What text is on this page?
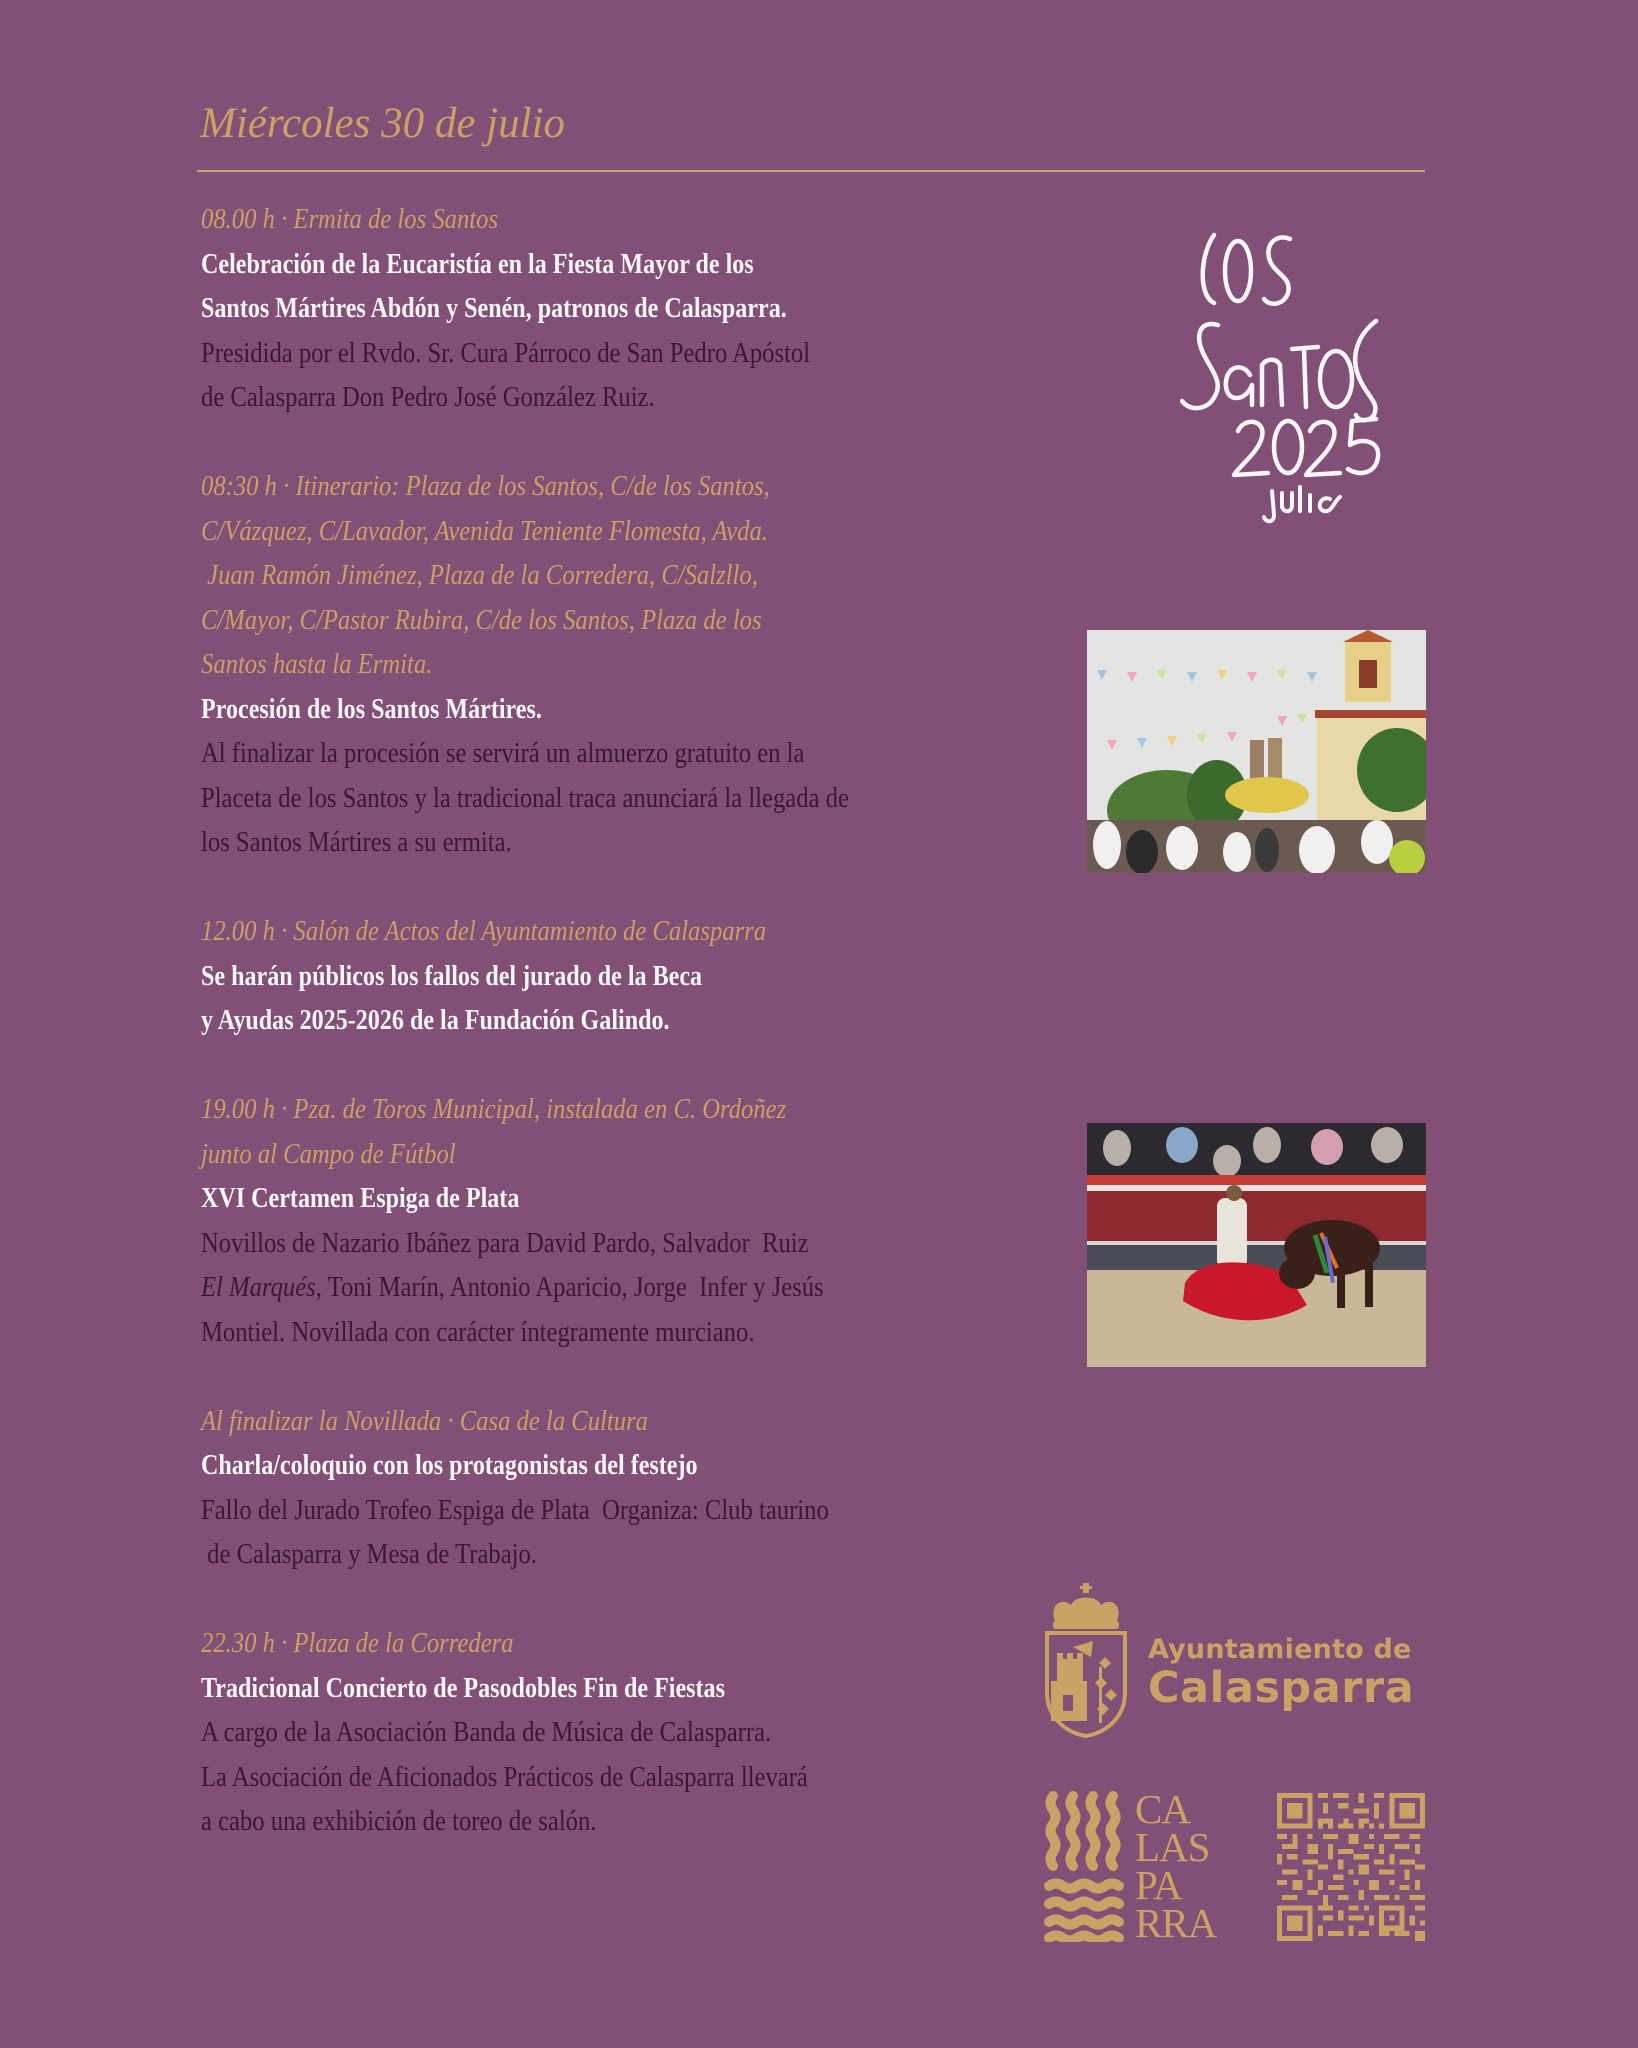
Miércoles 30 de julio
08.00 h · Ermita de los Santos
Celebración de la Eucaristía en la Fiesta Mayor de los
Santos Mártires Abdón y Senén, patronos de Calasparra.
Presidida por el Rvdo. Sr. Cura Párroco de San Pedro Apóstol
de Calasparra Don Pedro José González Ruiz.
08:30 h · Itinerario: Plaza de los Santos, C/de los Santos,
C/Vázquez, C/Lavador, Avenida Teniente Flomesta, Avda.
Juan Ramón Jiménez, Plaza de la Corredera, C/Salzllo,
C/Mayor, C/Pastor Rubira, C/de los Santos, Plaza de los
Santos hasta la Ermita.
Procesión de los Santos Mártires.
Al finalizar la procesión se servirá un almuerzo gratuito en la
Placeta de los Santos y la tradicional traca anunciará la llegada de
los Santos Mártires a su ermita.
12.00 h · Salón de Actos del Ayuntamiento de Calasparra
Se harán públicos los fallos del jurado de la Beca
y Ayudas 2025-2026 de la Fundación Galindo.
19.00 h · Pza. de Toros Municipal, instalada en C. Ordoñez
junto al Campo de Fútbol
XVI Certamen Espiga de Plata
Novillos de Nazario Ibáñez para David Pardo, Salvador  Ruiz
El Marqués, Toni Marín, Antonio Aparicio, Jorge  Infer y Jesús
Montiel. Novillada con carácter íntegramente murciano.
Al finalizar la Novillada · Casa de la Cultura
Charla/coloquio con los protagonistas del festejo
Fallo del Jurado Trofeo Espiga de Plata  Organiza: Club taurino
de Calasparra y Mesa de Trabajo.
22.30 h · Plaza de la Corredera
Tradicional Concierto de Pasodobles Fin de Fiestas
A cargo de la Asociación Banda de Música de Calasparra.
La Asociación de Aficionados Prácticos de Calasparra llevará
a cabo una exhibición de toreo de salón.
Ayuntamiento de
Calasparra
CA
LAS
PA
RRA
